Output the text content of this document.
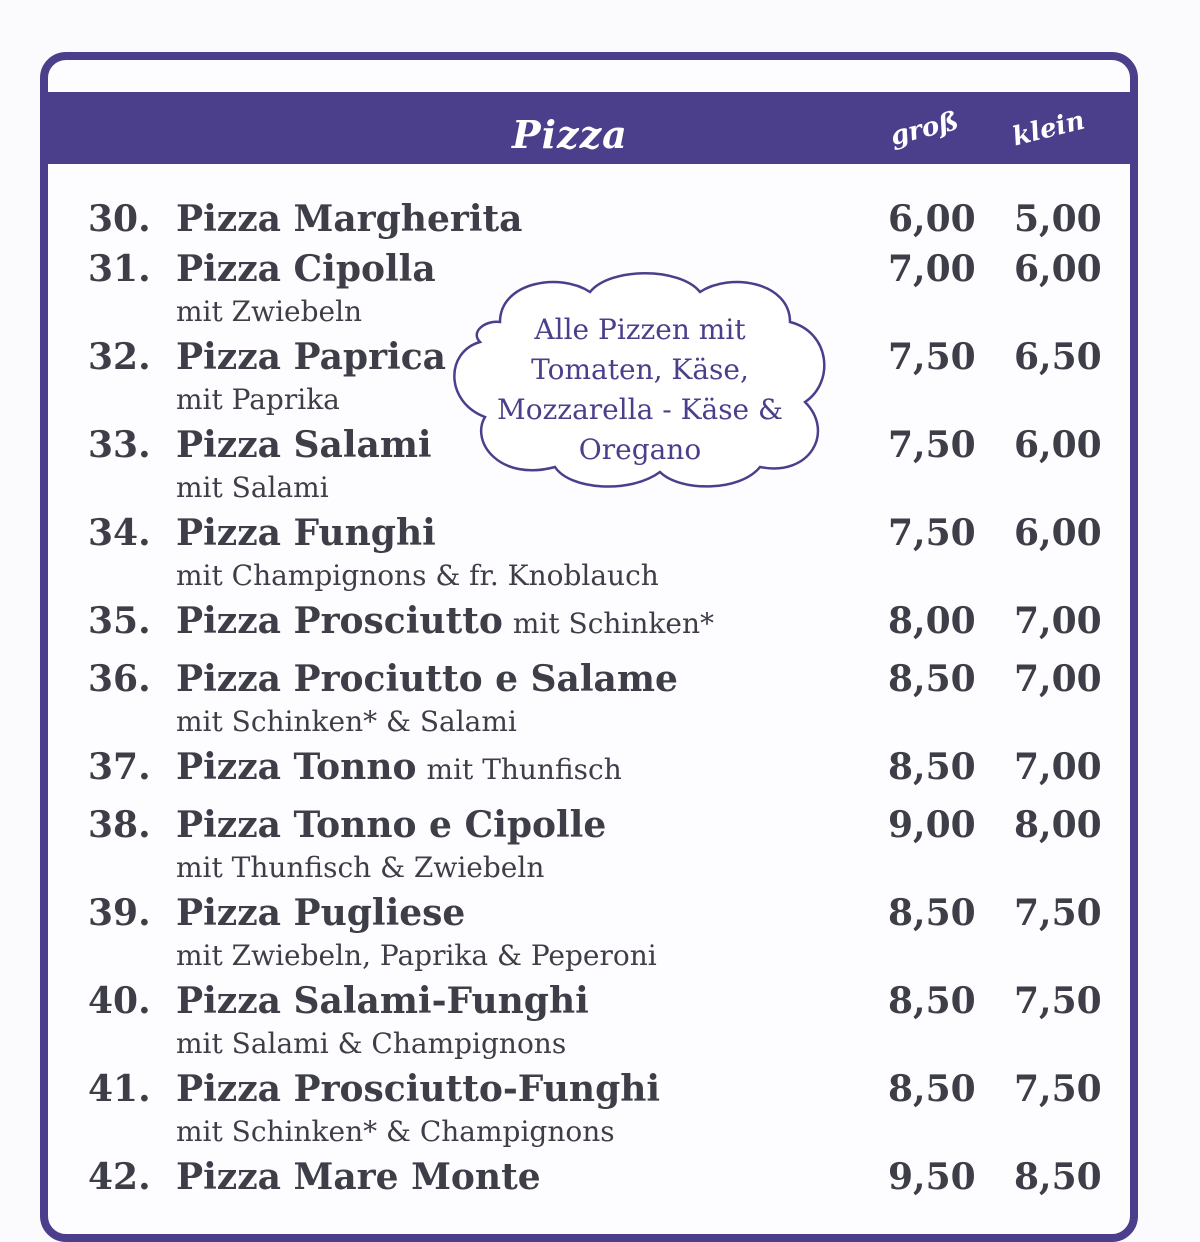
Pizza	groß klein
30. Pizza Margherita	6,00 5,00
31. Pizza Cipolla	7,00 6,00
mit Zwiebeln
32. Pizza Paprica	7,50 6,50
mit Paprika
33. Pizza Salami	7,50 6,00
mit Salami
34. Pizza Funghi	7,50 6,00
mit Champignons & fr. Knoblauch
35. Pizza Prosciutto mit Schinken*	8,00 7,00
36. Pizza Prociutto e Salame	8,50 7,00
mit Schinken* & Salami
37. Pizza Tonno mit Thunfisch	8,50 7,00
38. Pizza Tonno e Cipolle	9,00 8,00
mit Thunfisch & Zwiebeln
39. Pizza Pugliese	8,50 7,50
mit Zwiebeln, Paprika & Peperoni
40. Pizza Salami-Funghi	8,50 7,50
mit Salami & Champignons
41. Pizza Prosciutto-Funghi	8,50 7,50
mit Schinken* & Champignons
42. Pizza Mare Monte	9,50 8,50
Alle Pizzen mit
Tomaten, Käse,
Mozzarella - Käse &
Oregano
